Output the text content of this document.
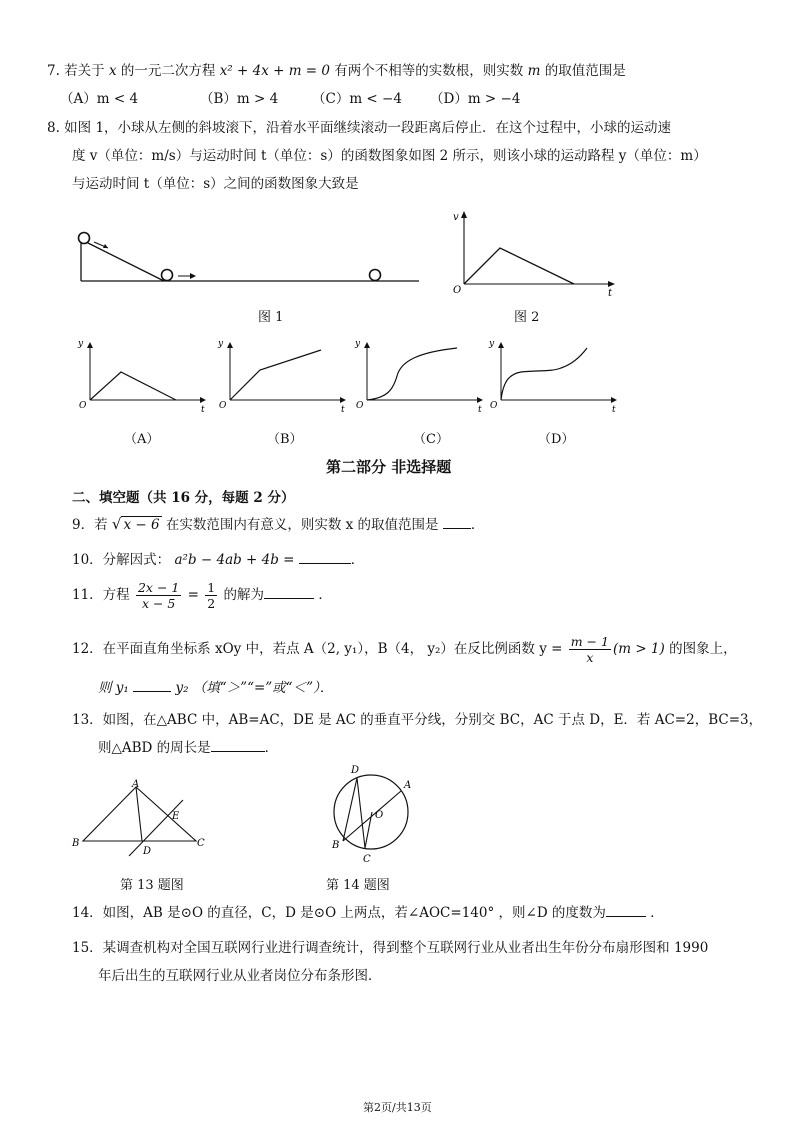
7. 若关于 x 的一元二次方程 x² + 4x + m = 0 有两个不相等的实数根，则实数 m 的取值范围是
（A）m < 4	（B）m > 4	（C）m < −4 （D）m > −4
8. 如图 1，小球从左侧的斜坡滚下，沿着水平面继续滚动一段距离后停止．在这个过程中，小球的运动速
度 v（单位：m/s）与运动时间 t（单位：s）的函数图象如图 2 所示，则该小球的运动路程 y（单位：m）
与运动时间 t（单位：s）之间的函数图象大致是
图 1
v
O	t
图 2
y
O	t
y
O	t
y
O	t
y
O	t
（A）	（B）	（C）	（D）
第二部分 非选择题
二、填空题（共 16 分，每题 2 分）
9．若 √ x − 6 在实数范围内有意义，则实数 x 的取值范围是 ．
10．分解因式： a²b − 4ab + 4b =	．
11．方程 $\frac{2x - 1}{x - 5} = \frac{1}{2}$ 的解为	．
12．在平面直角坐标系 xOy 中，若点 A（2, y₁），B（4， y₂）在反比例函数 $y = \frac{m - 1}{x} (m > 1)$ 的图象上，
则 y₁	y₂ （填“＞”“=”或“＜”）．
13．如图，在△ABC 中，AB=AC，DE 是 AC 的垂直平分线，分别交 BC，AC 于点 D，E．若 AC=2，BC=3，
则△ABD 的周长是	．
A
B	C
D
E
第 13 题图
D
A
O
B
C
第 14 题图
14．如图，AB 是⊙O 的直径，C，D 是⊙O 上两点，若∠AOC=140° ，则∠D 的度数为	．
15．某调查机构对全国互联网行业进行调查统计，得到整个互联网行业从业者出生年份分布扇形图和 1990
年后出生的互联网行业从业者岗位分布条形图．
第2页/共13页
